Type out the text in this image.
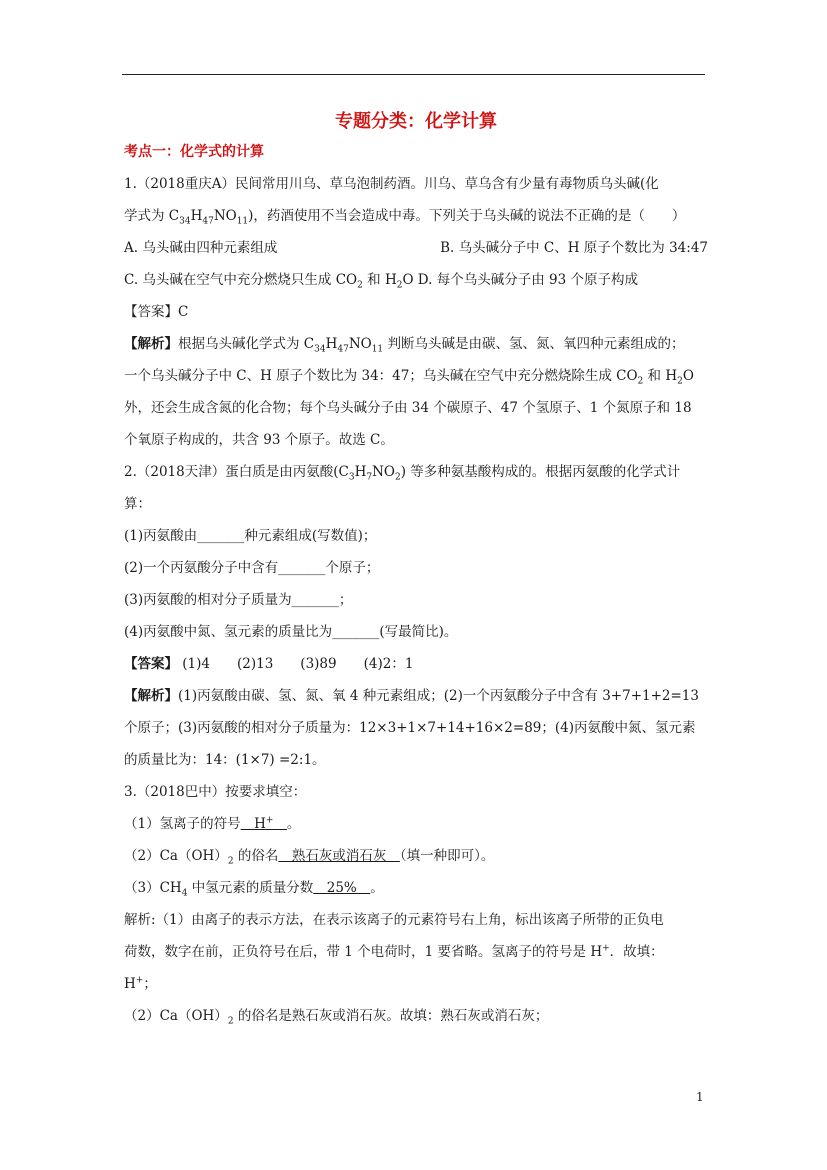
专题分类：化学计算
考点一：化学式的计算
1.（2018重庆A）民间常用川乌、草乌泡制药酒。川乌、草乌含有少量有毒物质乌头碱(化
学式为 $C_{34}H_{47}NO_{11}$)，药酒使用不当会造成中毒。下列关于乌头碱的说法不正确的是（　　）
A. 乌头碱由四种元素组成	B. 乌头碱分子中 C、H 原子个数比为 34:47
C. 乌头碱在空气中充分燃烧只生成 $CO_2$ 和 $H_2O$ D. 每个乌头碱分子由 93 个原子构成
【答案】C
【解析】根据乌头碱化学式为 $C_{34}H_{47}NO_{11}$ 判断乌头碱是由碳、氢、氮、氧四种元素组成的；
一个乌头碱分子中 C、H 原子个数比为 34：47；乌头碱在空气中充分燃烧除生成 $CO_2$ 和 $H_2O$
外，还会生成含氮的化合物；每个乌头碱分子由 34 个碳原子、47 个氢原子、1 个氮原子和 18
个氧原子构成的，共含 93 个原子。故选 C。
2.（2018天津）蛋白质是由丙氨酸$(C_3H_7NO_2)$ 等多种氨基酸构成的。根据丙氨酸的化学式计
算：
(1)丙氨酸由_______种元素组成(写数值)；
(2)一个丙氨酸分子中含有_______个原子；
(3)丙氨酸的相对分子质量为_______；
(4)丙氨酸中氮、氢元素的质量比为_______(写最简比)。
【答案】 (1)4　　(2)13　　(3)89　　(4)2：1
【解析】(1)丙氨酸由碳、氢、氮、氧 4 种元素组成；(2)一个丙氨酸分子中含有 3+7+1+2=13
个原子；(3)丙氨酸的相对分子质量为：12×3+1×7+14+16×2=89；(4)丙氨酸中氮、氢元素
的质量比为：14：(1×7) =2:1。
3.（2018巴中）按要求填空：
（1）氢离子的符号　H+　 。
$(2)Ca(OH)_2$ 的俗名　熟石灰或消石灰　（填一种即可）。
$(3)CH_4$ 中氢元素的质量分数　25%　。
解析:（1）由离子的表示方法，在表示该离子的元素符号右上角，标出该离子所带的正负电
荷数，数字在前，正负符号在后，带 1 个电荷时，1 要省略。氢离子的符号是 H+．故填：
H+；
$(2)Ca(OH)_2$ 的俗名是熟石灰或消石灰。故填：熟石灰或消石灰；
1
